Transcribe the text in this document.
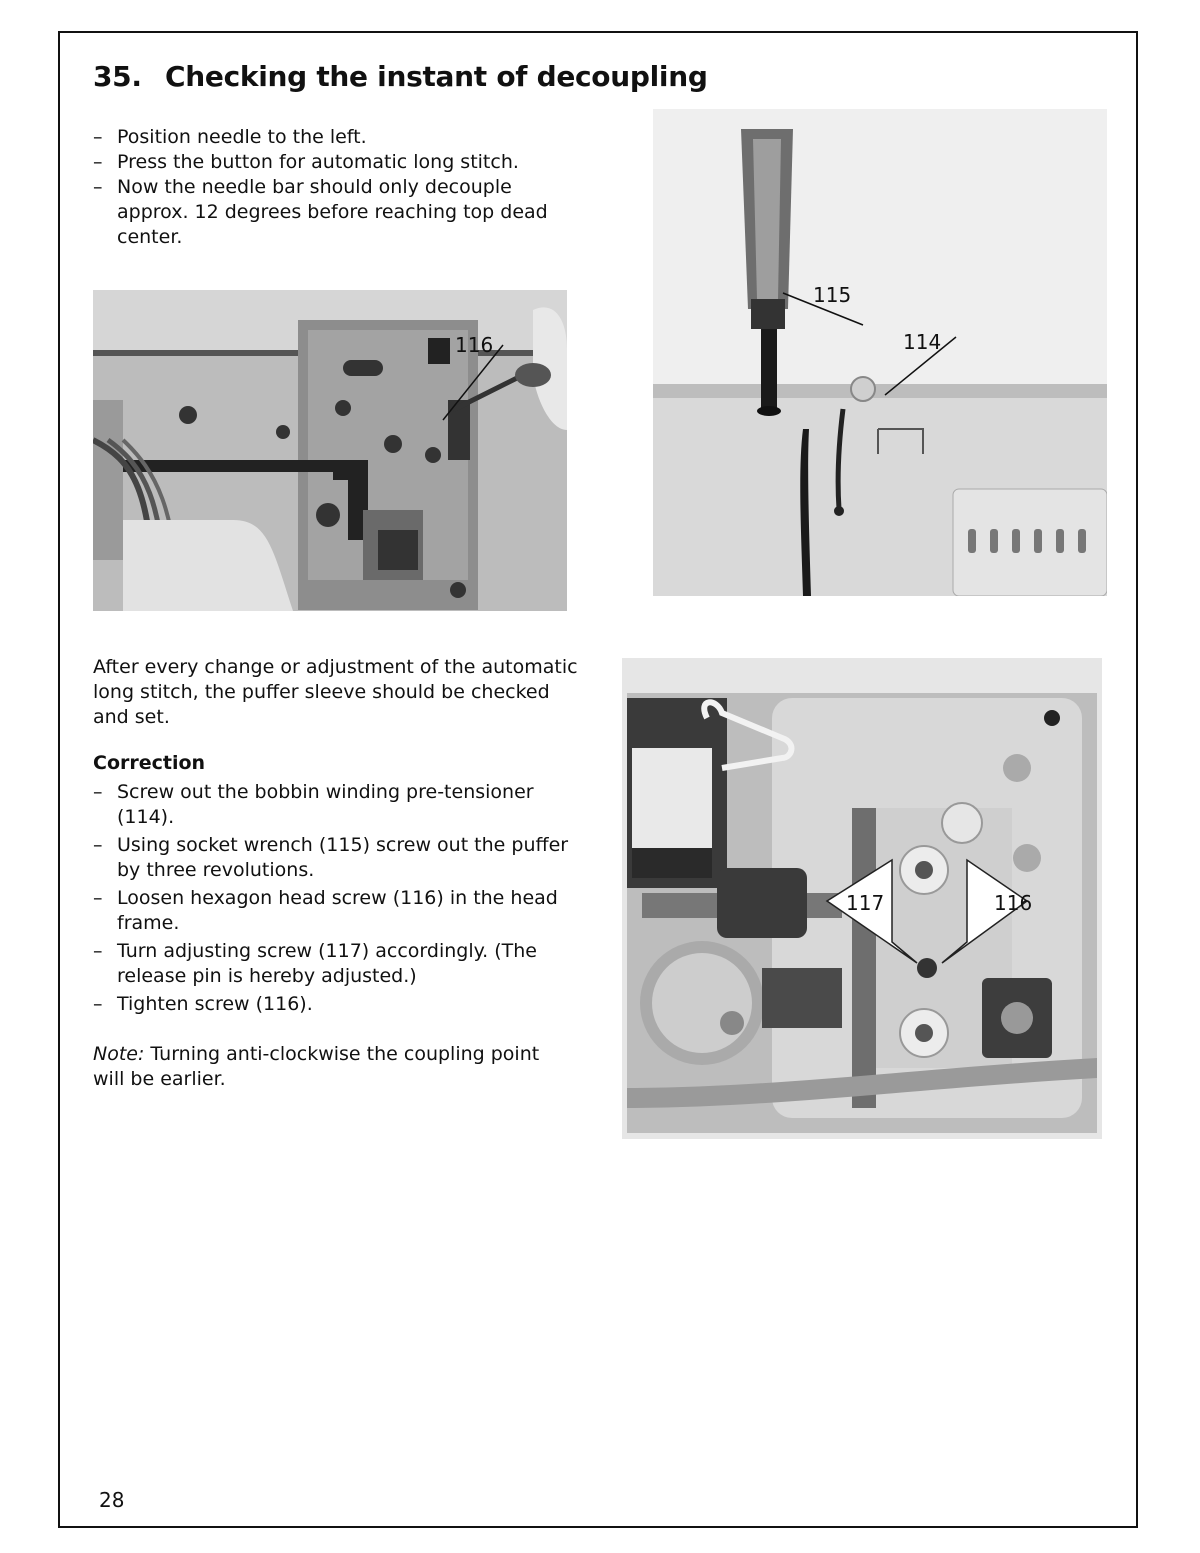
35. Checking the instant of decoupling
– Position needle to the left.
– Press the button for automatic long stitch.
– Now the needle bar should only decouple approx. 12 degrees before reaching top dead center.
116
115
114

After every change or adjustment of the automatic long stitch, the puffer sleeve should be checked and set.

Correction
– Screw out the bobbin winding pre-tensioner (114).
– Using socket wrench (115) screw out the puffer by three revolutions.
– Loosen hexagon head screw (116) in the head frame.
– Turn adjusting screw (117) accordingly. (The release pin is hereby adjusted.)
– Tighten screw (116).

Note: Turning anti-clockwise the coupling point will be earlier.

117	116
28
